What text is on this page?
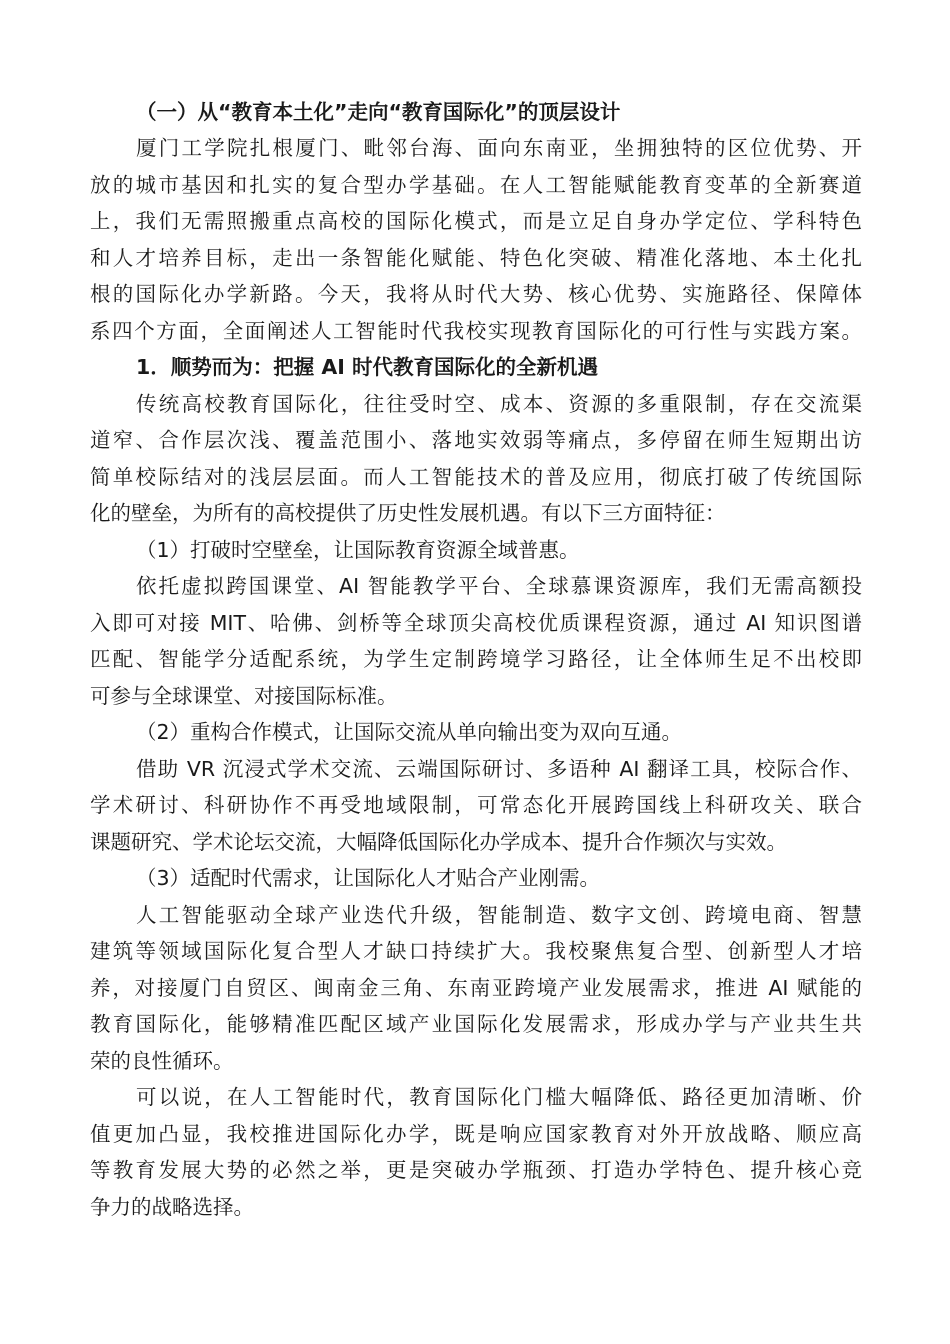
（一）从“教育本土化”走向“教育国际化”的顶层设计
厦门工学院扎根厦门、毗邻台海、面向东南亚，坐拥独特的区位优势、开
放的城市基因和扎实的复合型办学基础。在人工智能赋能教育变革的全新赛道
上，我们无需照搬重点高校的国际化模式，而是立足自身办学定位、学科特色
和人才培养目标，走出一条智能化赋能、特色化突破、精准化落地、本土化扎
根的国际化办学新路。今天，我将从时代大势、核心优势、实施路径、保障体
系四个方面，全面阐述人工智能时代我校实现教育国际化的可行性与实践方案。
1．顺势而为：把握 AI 时代教育国际化的全新机遇
传统高校教育国际化，往往受时空、成本、资源的多重限制，存在交流渠
道窄、合作层次浅、覆盖范围小、落地实效弱等痛点，多停留在师生短期出访
简单校际结对的浅层层面。而人工智能技术的普及应用，彻底打破了传统国际
化的壁垒，为所有的高校提供了历史性发展机遇。有以下三方面特征：
（1）打破时空壁垒，让国际教育资源全域普惠。
依托虚拟跨国课堂、AI 智能教学平台、全球慕课资源库，我们无需高额投
入即可对接 MIT、哈佛、剑桥等全球顶尖高校优质课程资源，通过 AI 知识图谱
匹配、智能学分适配系统，为学生定制跨境学习路径，让全体师生足不出校即
可参与全球课堂、对接国际标准。
（2）重构合作模式，让国际交流从单向输出变为双向互通。
借助 VR 沉浸式学术交流、云端国际研讨、多语种 AI 翻译工具，校际合作、
学术研讨、科研协作不再受地域限制，可常态化开展跨国线上科研攻关、联合
课题研究、学术论坛交流，大幅降低国际化办学成本、提升合作频次与实效。
（3）适配时代需求，让国际化人才贴合产业刚需。
人工智能驱动全球产业迭代升级，智能制造、数字文创、跨境电商、智慧
建筑等领域国际化复合型人才缺口持续扩大。我校聚焦复合型、创新型人才培
养，对接厦门自贸区、闽南金三角、东南亚跨境产业发展需求，推进 AI 赋能的
教育国际化，能够精准匹配区域产业国际化发展需求，形成办学与产业共生共
荣的良性循环。
可以说，在人工智能时代，教育国际化门槛大幅降低、路径更加清晰、价
值更加凸显，我校推进国际化办学，既是响应国家教育对外开放战略、顺应高
等教育发展大势的必然之举，更是突破办学瓶颈、打造办学特色、提升核心竞
争力的战略选择。
